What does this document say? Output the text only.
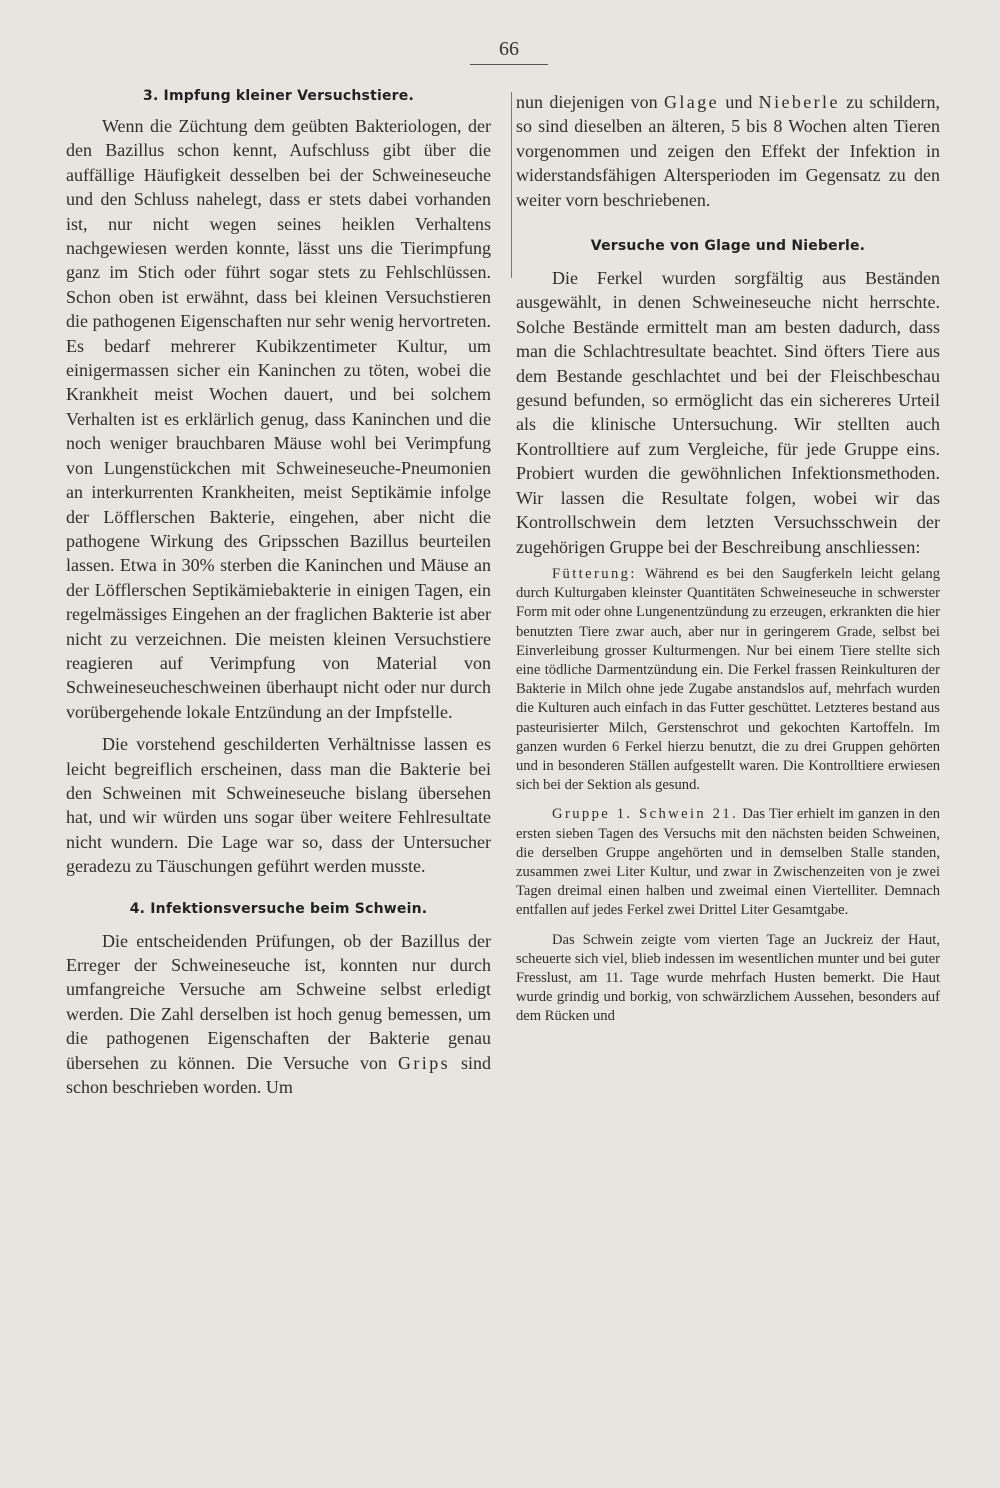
66
3. Impfung kleiner Versuchstiere.

Wenn die Züchtung dem geübten Bakteriologen, der den Bazillus schon kennt, Aufschluss gibt über die auffällige Häufigkeit desselben bei der Schweineseuche und den Schluss nahelegt, dass er stets dabei vorhanden ist, nur nicht wegen seines heiklen Verhaltens nachgewiesen werden konnte, lässt uns die Tierimpfung ganz im Stich oder führt sogar stets zu Fehlschlüssen. Schon oben ist erwähnt, dass bei kleinen Versuchstieren die pathogenen Eigenschaften nur sehr wenig hervortreten. Es bedarf mehrerer Kubikzentimeter Kultur, um einigermassen sicher ein Kaninchen zu töten, wobei die Krankheit meist Wochen dauert, und bei solchem Verhalten ist es erklärlich genug, dass Kaninchen und die noch weniger brauchbaren Mäuse wohl bei Verimpfung von Lungenstückchen mit Schweineseuche-Pneumonien an interkurrenten Krankheiten, meist Septikämie infolge der Löfflerschen Bakterie, eingehen, aber nicht die pathogene Wirkung des Gripsschen Bazillus beurteilen lassen. Etwa in 30% sterben die Kaninchen und Mäuse an der Löfflerschen Septikämiebakterie in einigen Tagen, ein regelmässiges Eingehen an der fraglichen Bakterie ist aber nicht zu verzeichnen. Die meisten kleinen Versuchstiere reagieren auf Verimpfung von Material von Schweineseucheschweinen überhaupt nicht oder nur durch vorübergehende lokale Entzündung an der Impfstelle.

Die vorstehend geschilderten Verhältnisse lassen es leicht begreiflich erscheinen, dass man die Bakterie bei den Schweinen mit Schweineseuche bislang übersehen hat, und wir würden uns sogar über weitere Fehlresultate nicht wundern. Die Lage war so, dass der Untersucher geradezu zu Täuschungen geführt werden musste.

4. Infektionsversuche beim Schwein.

Die entscheidenden Prüfungen, ob der Bazillus der Erreger der Schweineseuche ist, konnten nur durch umfangreiche Versuche am Schweine selbst erledigt werden. Die Zahl derselben ist hoch genug bemessen, um die pathogenen Eigenschaften der Bakterie genau übersehen zu können. Die Versuche von Grips sind schon beschrieben worden. Um

nun diejenigen von Glage und Nieberle zu schildern, so sind dieselben an älteren, 5 bis 8 Wochen alten Tieren vorgenommen und zeigen den Effekt der Infektion in widerstandsfähigen Altersperioden im Gegensatz zu den weiter vorn beschriebenen.

Versuche von Glage und Nieberle.

Die Ferkel wurden sorgfältig aus Beständen ausgewählt, in denen Schweineseuche nicht herrschte. Solche Bestände ermittelt man am besten dadurch, dass man die Schlachtresultate beachtet. Sind öfters Tiere aus dem Bestande geschlachtet und bei der Fleischbeschau gesund befunden, so ermöglicht das ein sichereres Urteil als die klinische Untersuchung. Wir stellten auch Kontrolltiere auf zum Vergleiche, für jede Gruppe eins. Probiert wurden die gewöhnlichen Infektionsmethoden. Wir lassen die Resultate folgen, wobei wir das Kontrollschwein dem letzten Versuchsschwein der zugehörigen Gruppe bei der Beschreibung anschliessen:

Fütterung: Während es bei den Saugferkeln leicht gelang durch Kulturgaben kleinster Quantitäten Schweineseuche in schwerster Form mit oder ohne Lungenentzündung zu erzeugen, erkrankten die hier benutzten Tiere zwar auch, aber nur in geringerem Grade, selbst bei Einverleibung grosser Kulturmengen. Nur bei einem Tiere stellte sich eine tödliche Darmentzündung ein. Die Ferkel frassen Reinkulturen der Bakterie in Milch ohne jede Zugabe anstandslos auf, mehrfach wurden die Kulturen auch einfach in das Futter geschüttet. Letzteres bestand aus pasteurisierter Milch, Gerstenschrot und gekochten Kartoffeln. Im ganzen wurden 6 Ferkel hierzu benutzt, die zu drei Gruppen gehörten und in besonderen Ställen aufgestellt waren. Die Kontrolltiere erwiesen sich bei der Sektion als gesund.

Gruppe 1. Schwein 21. Das Tier erhielt im ganzen in den ersten sieben Tagen des Versuchs mit den nächsten beiden Schweinen, die derselben Gruppe angehörten und in demselben Stalle standen, zusammen zwei Liter Kultur, und zwar in Zwischenzeiten von je zwei Tagen dreimal einen halben und zweimal einen Viertelliter. Demnach entfallen auf jedes Ferkel zwei Drittel Liter Gesamtgabe.

Das Schwein zeigte vom vierten Tage an Juckreiz der Haut, scheuerte sich viel, blieb indessen im wesentlichen munter und bei guter Fresslust, am 11. Tage wurde mehrfach Husten bemerkt. Die Haut wurde grindig und borkig, von schwärzlichem Aussehen, besonders auf dem Rücken und
